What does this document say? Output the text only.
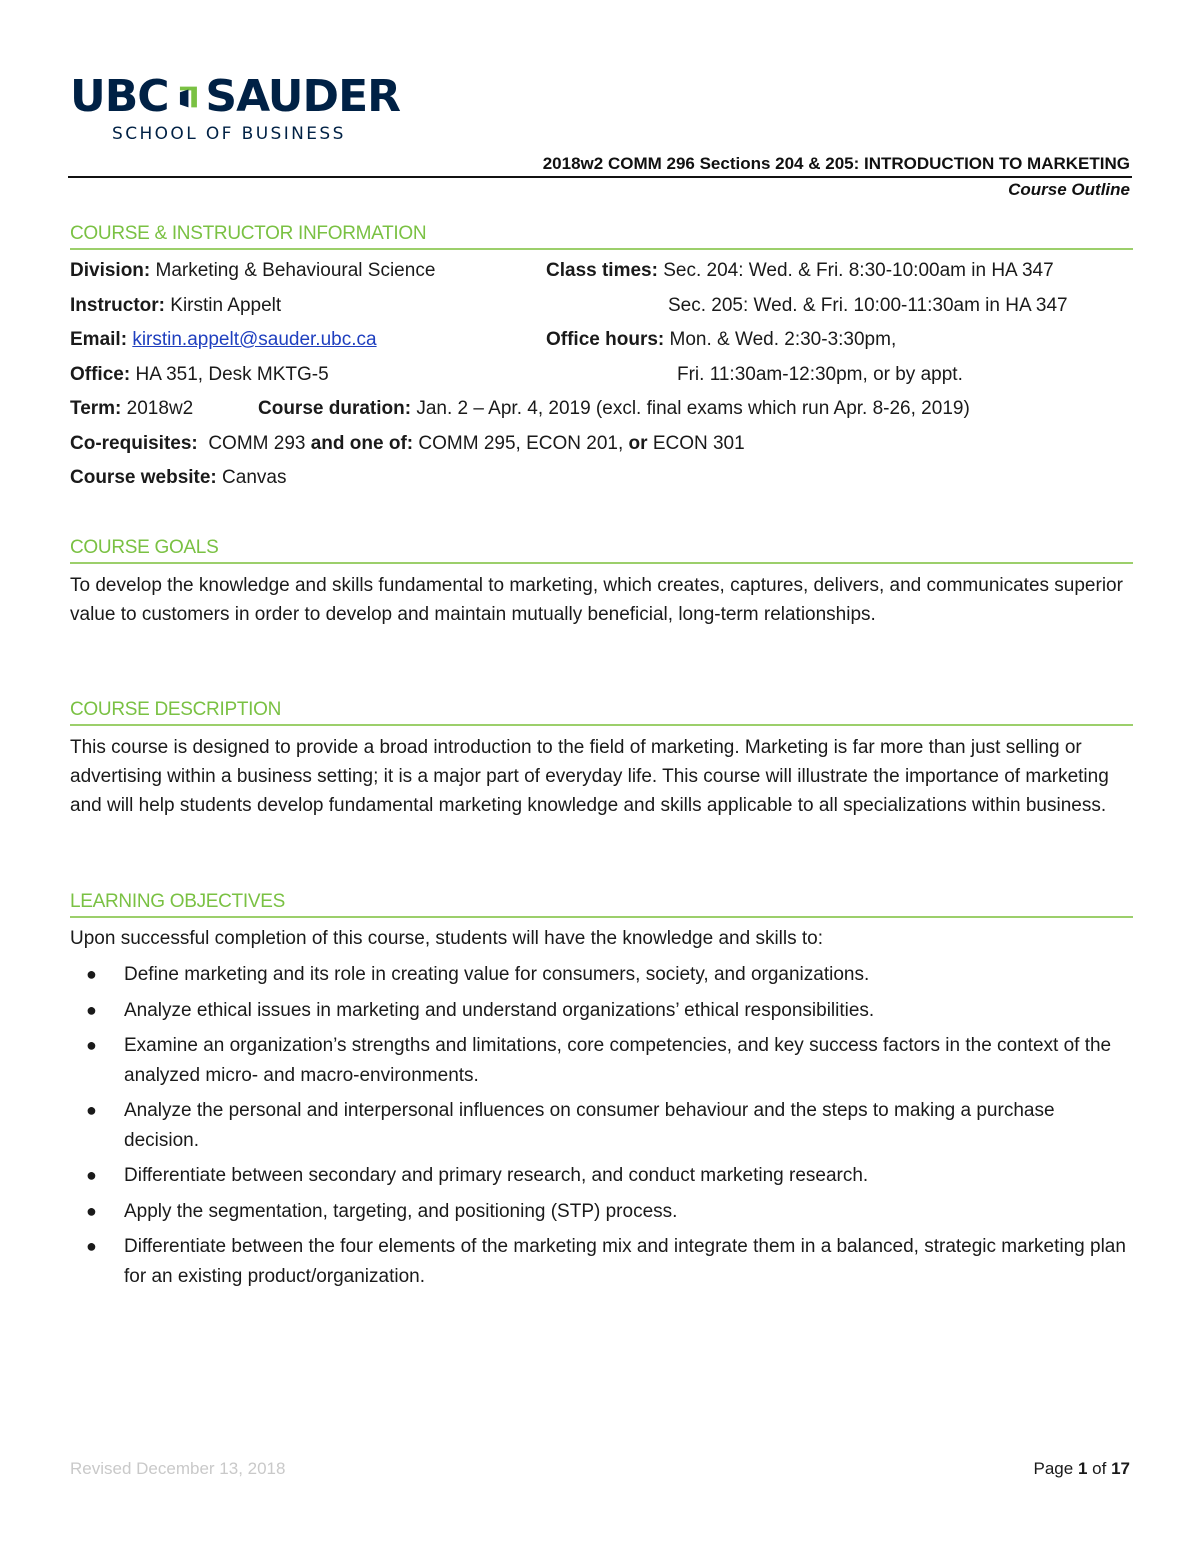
UBC SAUDER
SCHOOL OF BUSINESS
2018w2 COMM 296 Sections 204 & 205: INTRODUCTION TO MARKETING
Course Outline
COURSE & INSTRUCTOR INFORMATION
Division: Marketing & Behavioural Science	Class times: Sec. 204: Wed. & Fri. 8:30-10:00am in HA 347
Instructor: Kirstin Appelt	Sec. 205: Wed. & Fri. 10:00-11:30am in HA 347
Email: kirstin.appelt@sauder.ubc.ca	Office hours: Mon. & Wed. 2:30-3:30pm,
Office: HA 351, Desk MKTG-5	Fri. 11:30am-12:30pm, or by appt.
Term: 2018w2	Course duration: Jan. 2 – Apr. 4, 2019 (excl. final exams which run Apr. 8-26, 2019)
Co-requisites: COMM 293 and one of: COMM 295, ECON 201, or ECON 301
Course website: Canvas
COURSE GOALS
To develop the knowledge and skills fundamental to marketing, which creates, captures, delivers, and communicates superior value to customers in order to develop and maintain mutually beneficial, long-term relationships.
COURSE DESCRIPTION
This course is designed to provide a broad introduction to the field of marketing. Marketing is far more than just selling or advertising within a business setting; it is a major part of everyday life. This course will illustrate the importance of marketing and will help students develop fundamental marketing knowledge and skills applicable to all specializations within business.
LEARNING OBJECTIVES
Upon successful completion of this course, students will have the knowledge and skills to:
● Define marketing and its role in creating value for consumers, society, and organizations.
● Analyze ethical issues in marketing and understand organizations’ ethical responsibilities.
● Examine an organization’s strengths and limitations, core competencies, and key success factors in the context of the analyzed micro- and macro-environments.
● Analyze the personal and interpersonal influences on consumer behaviour and the steps to making a purchase decision.
● Differentiate between secondary and primary research, and conduct marketing research.
● Apply the segmentation, targeting, and positioning (STP) process.
● Differentiate between the four elements of the marketing mix and integrate them in a balanced, strategic marketing plan for an existing product/organization.
Revised December 13, 2018	Page 1 of 17
